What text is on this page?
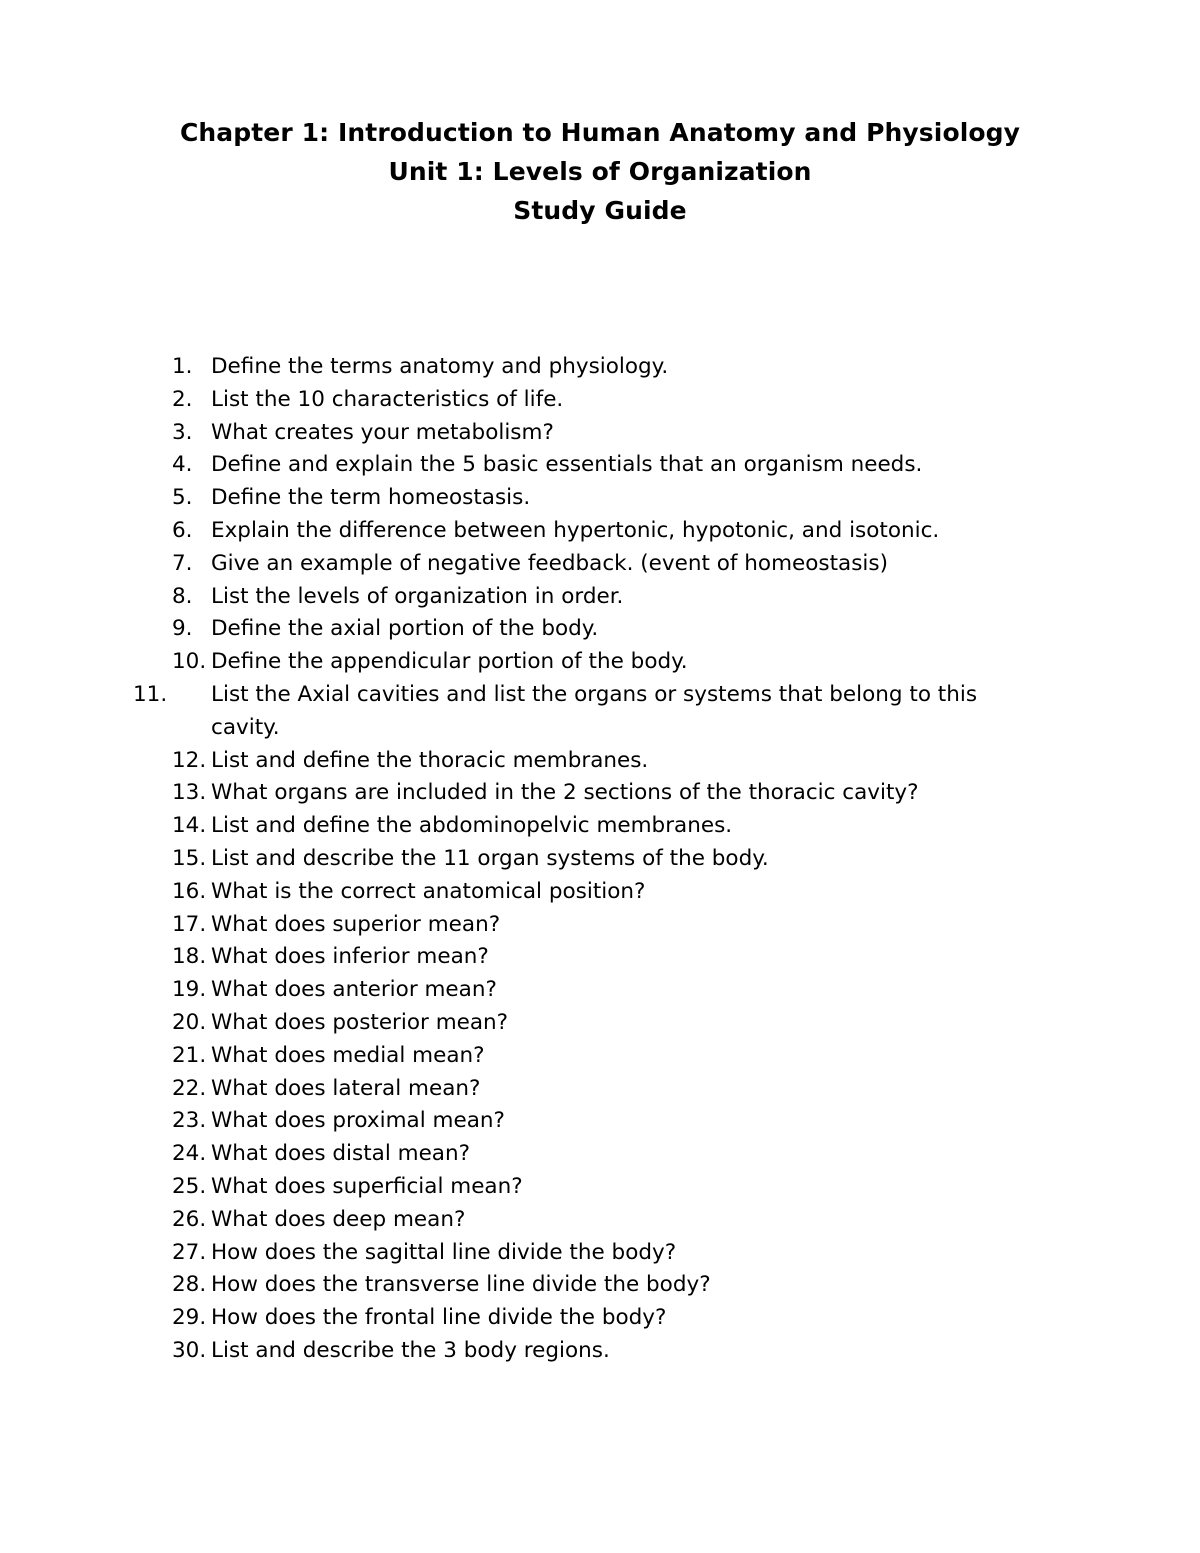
Chapter 1: Introduction to Human Anatomy and Physiology
Unit 1: Levels of Organization
Study Guide
1. Define the terms anatomy and physiology.
2. List the 10 characteristics of life.
3. What creates your metabolism?
4. Define and explain the 5 basic essentials that an organism needs.
5. Define the term homeostasis.
6. Explain the difference between hypertonic, hypotonic, and isotonic.
7. Give an example of negative feedback. (event of homeostasis)
8. List the levels of organization in order.
9. Define the axial portion of the body.
10. Define the appendicular portion of the body.
11. List the Axial cavities and list the organs or systems that belong to this cavity.
12. List and define the thoracic membranes.
13. What organs are included in the 2 sections of the thoracic cavity?
14. List and define the abdominopelvic membranes.
15. List and describe the 11 organ systems of the body.
16. What is the correct anatomical position?
17. What does superior mean?
18. What does inferior mean?
19. What does anterior mean?
20. What does posterior mean?
21. What does medial mean?
22. What does lateral mean?
23. What does proximal mean?
24. What does distal mean?
25. What does superficial mean?
26. What does deep mean?
27. How does the sagittal line divide the body?
28. How does the transverse line divide the body?
29. How does the frontal line divide the body?
30. List and describe the 3 body regions.
